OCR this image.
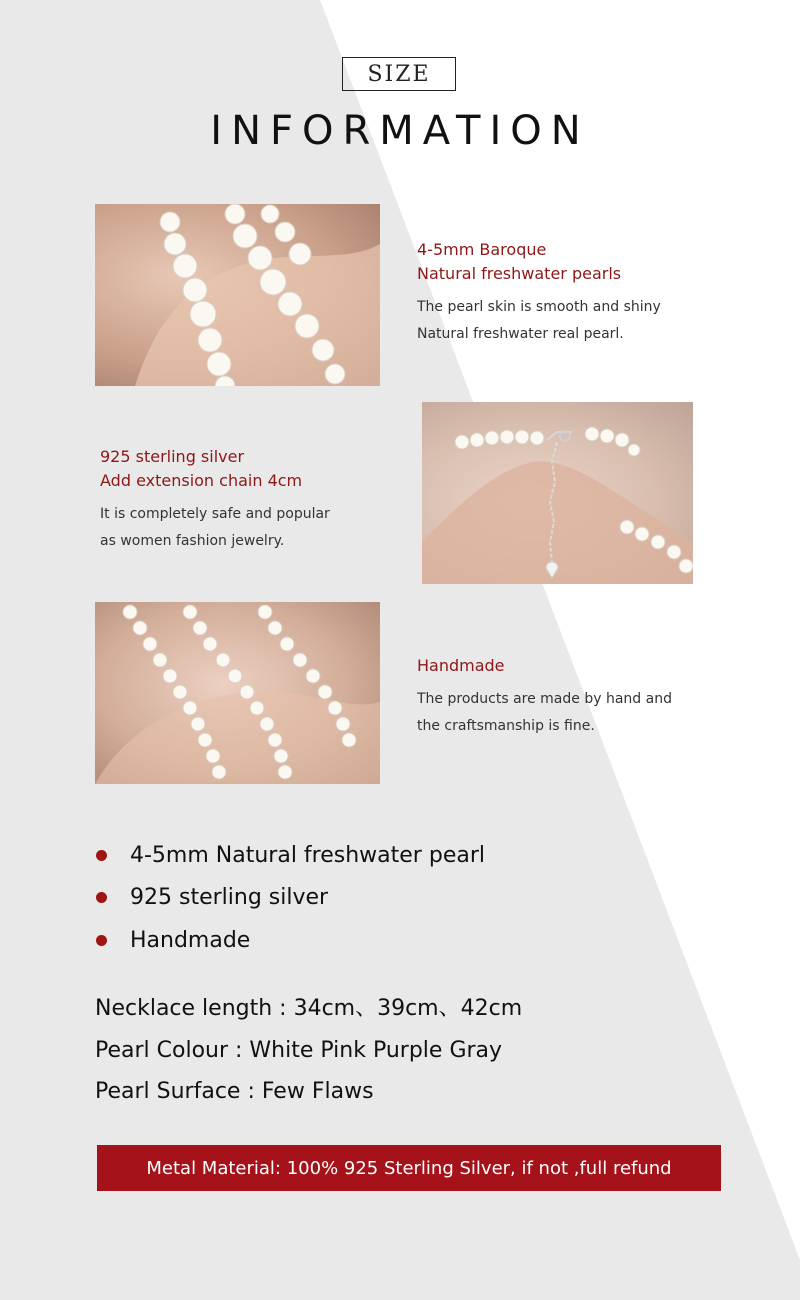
SIZE
INFORMATION
4-5mm Baroque
Natural freshwater pearls
The pearl skin is smooth and shiny
Natural freshwater real pearl.
925 sterling silver
Add extension chain 4cm
It is completely safe and popular
as women fashion jewelry.
Handmade
The products are made by hand and
the craftsmanship is fine.
4-5mm Natural freshwater pearl
925 sterling silver
Handmade
Necklace length : 34cm、39cm、42cm
Pearl Colour : White Pink Purple Gray
Pearl Surface : Few Flaws
Metal Material: 100% 925 Sterling Silver, if not ,full refund
